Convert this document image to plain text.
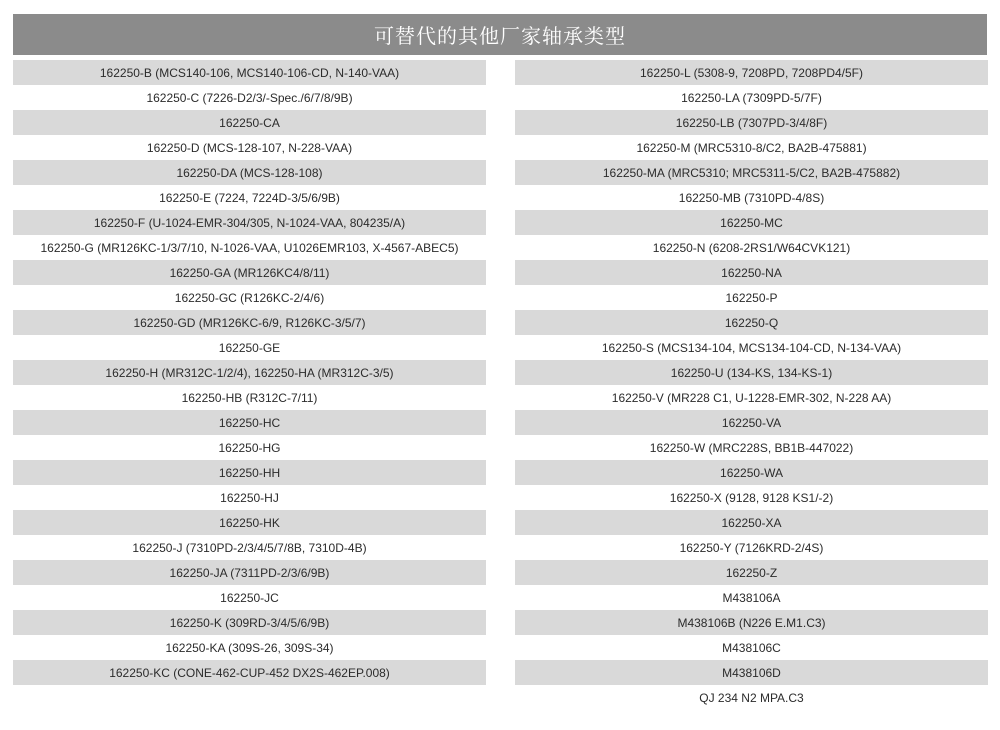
可替代的其他厂家轴承类型
162250-B (MCS140-106, MCS140-106-CD, N-140-VAA)
162250-C (7226-D2/3/-Spec./6/7/8/9B)
162250-CA
162250-D (MCS-128-107, N-228-VAA)
162250-DA (MCS-128-108)
162250-E (7224, 7224D-3/5/6/9B)
162250-F (U-1024-EMR-304/305, N-1024-VAA, 804235/A)
162250-G (MR126KC-1/3/7/10, N-1026-VAA, U1026EMR103, X-4567-ABEC5)
162250-GA (MR126KC4/8/11)
162250-GC (R126KC-2/4/6)
162250-GD (MR126KC-6/9, R126KC-3/5/7)
162250-GE
162250-H (MR312C-1/2/4), 162250-HA (MR312C-3/5)
162250-HB (R312C-7/11)
162250-HC
162250-HG
162250-HH
162250-HJ
162250-HK
162250-J (7310PD-2/3/4/5/7/8B, 7310D-4B)
162250-JA (7311PD-2/3/6/9B)
162250-JC
162250-K (309RD-3/4/5/6/9B)
162250-KA (309S-26, 309S-34)
162250-KC (CONE-462-CUP-452 DX2S-462EP.008)
162250-L (5308-9, 7208PD, 7208PD4/5F)
162250-LA (7309PD-5/7F)
162250-LB (7307PD-3/4/8F)
162250-M (MRC5310-8/C2, BA2B-475881)
162250-MA (MRC5310; MRC5311-5/C2, BA2B-475882)
162250-MB (7310PD-4/8S)
162250-MC
162250-N (6208-2RS1/W64CVK121)
162250-NA
162250-P
162250-Q
162250-S (MCS134-104, MCS134-104-CD, N-134-VAA)
162250-U (134-KS, 134-KS-1)
162250-V (MR228 C1, U-1228-EMR-302, N-228 AA)
162250-VA
162250-W (MRC228S, BB1B-447022)
162250-WA
162250-X (9128, 9128 KS1/-2)
162250-XA
162250-Y (7126KRD-2/4S)
162250-Z
M438106A
M438106B (N226 E.M1.C3)
M438106C
M438106D
QJ 234 N2 MPA.C3
